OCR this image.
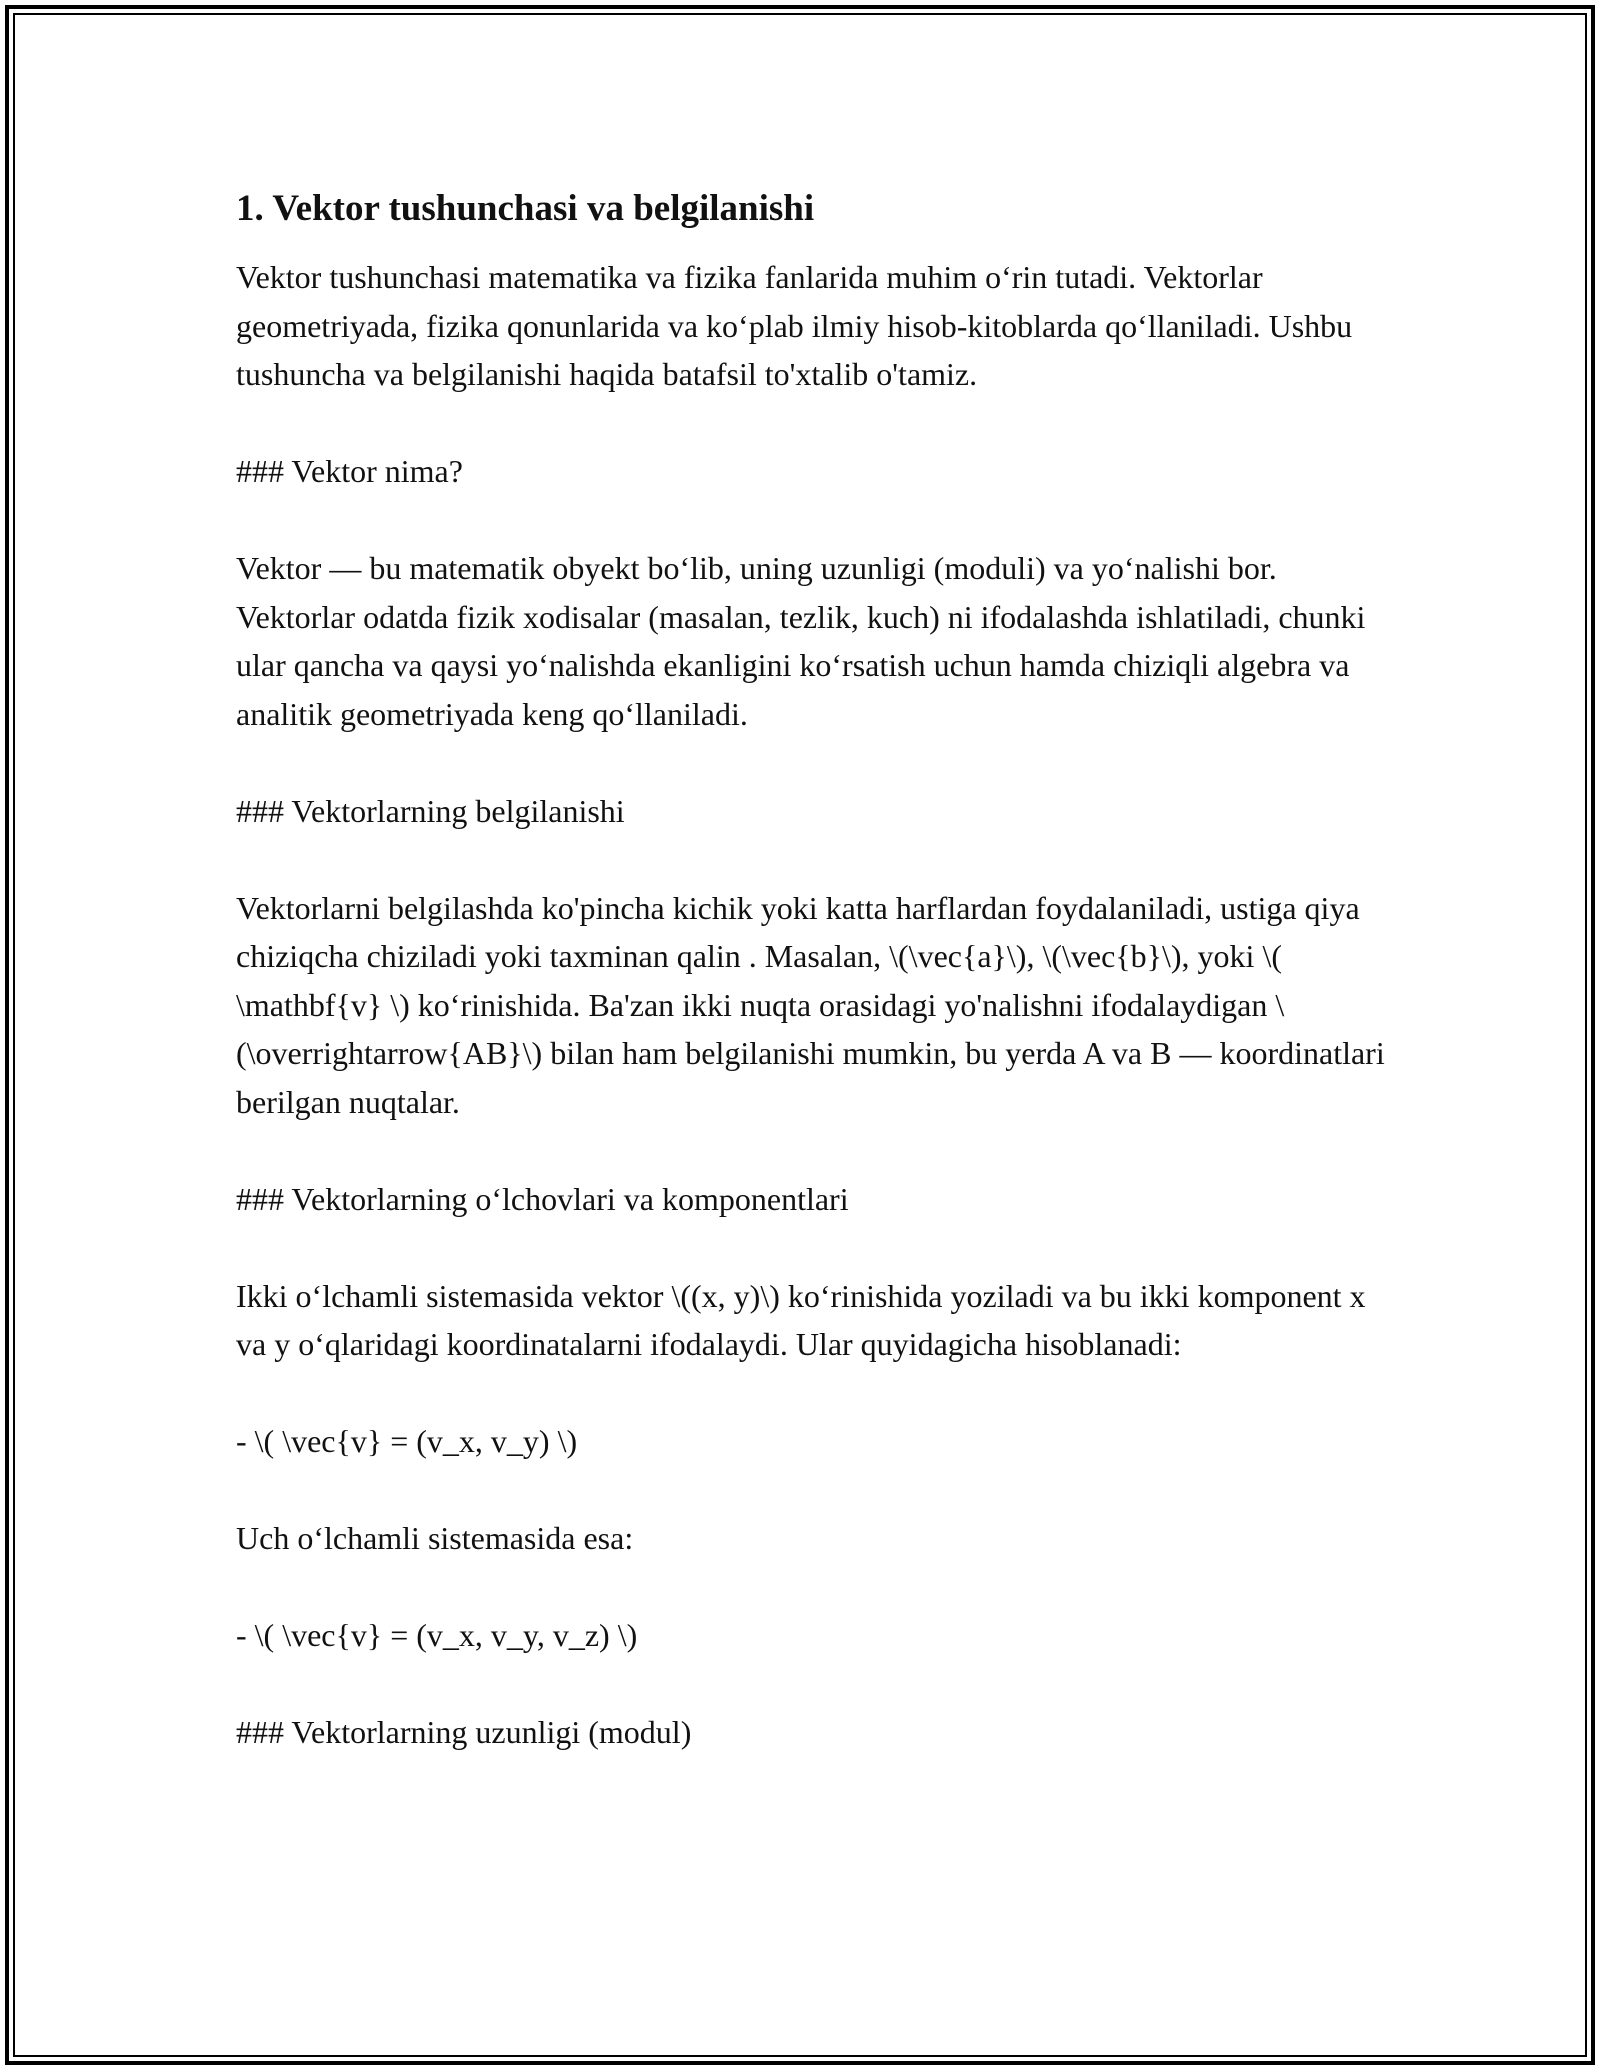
1. Vektor tushunchasi va belgilanishi

Vektor tushunchasi matematika va fizika fanlarida muhim o‘rin tutadi. Vektorlar geometriyada, fizika qonunlarida va ko‘plab ilmiy hisob-kitoblarda qo‘llaniladi. Ushbu tushuncha va belgilanishi haqida batafsil to'xtalib o'tamiz.

### Vektor nima?

Vektor — bu matematik obyekt bo‘lib, uning uzunligi (moduli) va yo‘nalishi bor. Vektorlar odatda fizik xodisalar (masalan, tezlik, kuch) ni ifodalashda ishlatiladi, chunki ular qancha va qaysi yo‘nalishda ekanligini ko‘rsatish uchun hamda chiziqli algebra va analitik geometriyada keng qo‘llaniladi.

### Vektorlarning belgilanishi

Vektorlarni belgilashda ko'pincha kichik yoki katta harflardan foydalaniladi, ustiga qiya chiziqcha chiziladi yoki taxminan qalin . Masalan, \(\vec{a}\), \(\vec{b}\), yoki \( \mathbf{v} \) ko‘rinishida. Ba'zan ikki nuqta orasidagi yo'nalishni ifodalaydigan \(\overrightarrow{AB}\) bilan ham belgilanishi mumkin, bu yerda A va B — koordinatlari berilgan nuqtalar.

### Vektorlarning o‘lchovlari va komponentlari

Ikki o‘lchamli sistemasida vektor \((x, y)\) ko‘rinishida yoziladi va bu ikki komponent x va y o‘qlaridagi koordinatalarni ifodalaydi. Ular quyidagicha hisoblanadi:

- \( \vec{v} = (v_x, v_y) \)

Uch o‘lchamli sistemasida esa:

- \( \vec{v} = (v_x, v_y, v_z) \)

### Vektorlarning uzunligi (modul)
